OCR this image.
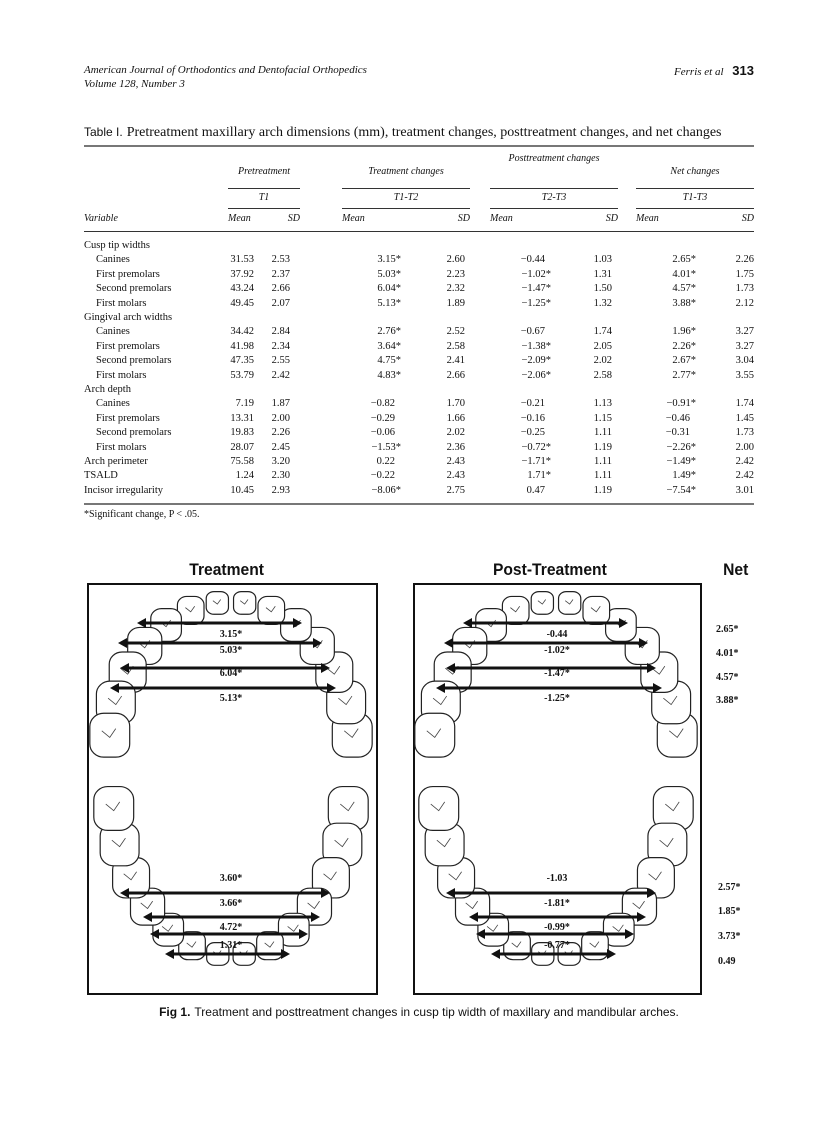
American Journal of Orthodontics and Dentofacial Orthopedics
Volume 128, Number 3
Ferris et al 313
Table I. Pretreatment maxillary arch dimensions (mm), treatment changes, posttreatment changes, and net changes
Pretreatment
T1
Mean	SD
Treatment changes
T1-T2
Mean	SD
Posttreatment changes
T2-T3
Mean	SD
Net changes
T1-T3
Mean	SD
Variable
Cusp tip widths
Canines	31.53 2.53	3.15*	2.60	−0.44	1.03	2.65*	2.26
First premolars	37.92 2.37	5.03*	2.23	−1.02*	1.31	4.01*	1.75
Second premolars	43.24 2.66	6.04*	2.32	−1.47*	1.50	4.57*	1.73
First molars	49.45 2.07	5.13*	1.89	−1.25*	1.32	3.88*	2.12
Gingival arch widths
Canines	34.42 2.84	2.76*	2.52	−0.67	1.74	1.96*	3.27
First premolars	41.98 2.34	3.64*	2.58	−1.38*	2.05	2.26*	3.27
Second premolars	47.35 2.55	4.75*	2.41	−2.09*	2.02	2.67*	3.04
First molars	53.79 2.42	4.83*	2.66	−2.06*	2.58	2.77*	3.55
Arch depth
Canines	7.19 1.87	−0.82	1.70	−0.21	1.13	−0.91*	1.74
First premolars	13.31 2.00	−0.29	1.66	−0.16	1.15	−0.46	1.45
Second premolars	19.83 2.26	−0.06	2.02	−0.25	1.11	−0.31	1.73
First molars	28.07 2.45	−1.53*	2.36	−0.72*	1.19	−2.26*	2.00
Arch perimeter	75.58 3.20	0.22	2.43	−1.71*	1.11	−1.49*	2.42
TSALD	1.24 2.30	−0.22	2.43	1.71*	1.11	1.49*	2.42
Incisor irregularity	10.45 2.93	−8.06*	2.75	0.47	1.19	−7.54*	3.01
*Significant change, P < .05.
Treatment	Post-Treatment	Net
3.15*
5.03*
6.04*
5.13*
3.60*
3.66*
4.72*
1.31*
-0.44
-1.02*
-1.47*
-1.25*
-1.03
-1.81*
-0.99*
-0.77*
2.65*
4.01*
4.57*
3.88*
2.57*
1.85*
3.73*
0.49
Fig 1. Treatment and posttreatment changes in cusp tip width of maxillary and mandibular arches.
